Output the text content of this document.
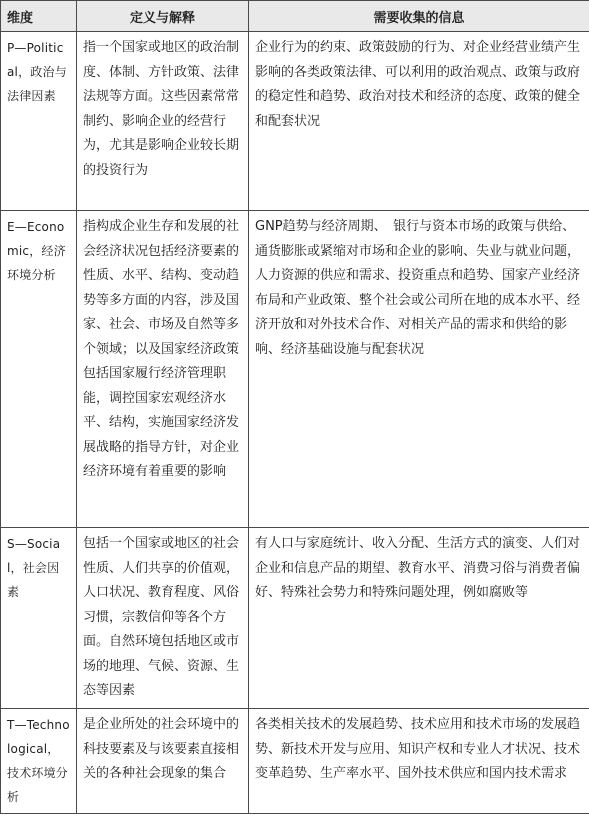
维度	定义与解释	需要收集的信息
P—Political，政治与法律因素	指一个国家或地区的政治制度、体制、方针政策、法律法规等方面。这些因素常常制约、影响企业的经营行为，尤其是影响企业较长期的投资行为	企业行为的约束、政策鼓励的行为、对企业经营业绩产生影响的各类政策法律、可以利用的政治观点、政策与政府的稳定性和趋势、政治对技术和经济的态度、政策的健全和配套状况
E—Economic，经济环境分析	指构成企业生存和发展的社会经济状况包括经济要素的性质、水平、结构、变动趋势等多方面的内容，涉及国家、社会、市场及自然等多个领域；以及国家经济政策包括国家履行经济管理职能，调控国家宏观经济水平、结构，实施国家经济发展战略的指导方针，对企业经济环境有着重要的影响	GNP趋势与经济周期、　银行与资本市场的政策与供给、通货膨胀或紧缩对市场和企业的影响、失业与就业问题，人力资源的供应和需求、投资重点和趋势、国家产业经济布局和产业政策、整个社会或公司所在地的成本水平、经济开放和对外技术合作、对相关产品的需求和供给的影响、经济基础设施与配套状况
S—Social，社会因素	包括一个国家或地区的社会性质、人们共享的价值观，人口状况、教育程度、风俗习惯，宗教信仰等各个方面。自然环境包括地区或市场的地理、气候、资源、生态等因素	有人口与家庭统计、收入分配、生活方式的演变、人们对企业和信息产品的期望、教育水平、消费习俗与消费者偏好、特殊社会势力和特殊问题处理，例如腐败等
T—Technological，技术环境分析	是企业所处的社会环境中的科技要素及与该要素直接相关的各种社会现象的集合	各类相关技术的发展趋势、技术应用和技术市场的发展趋势、新技术开发与应用、知识产权和专业人才状况、技术变革趋势、生产率水平、国外技术供应和国内技术需求
